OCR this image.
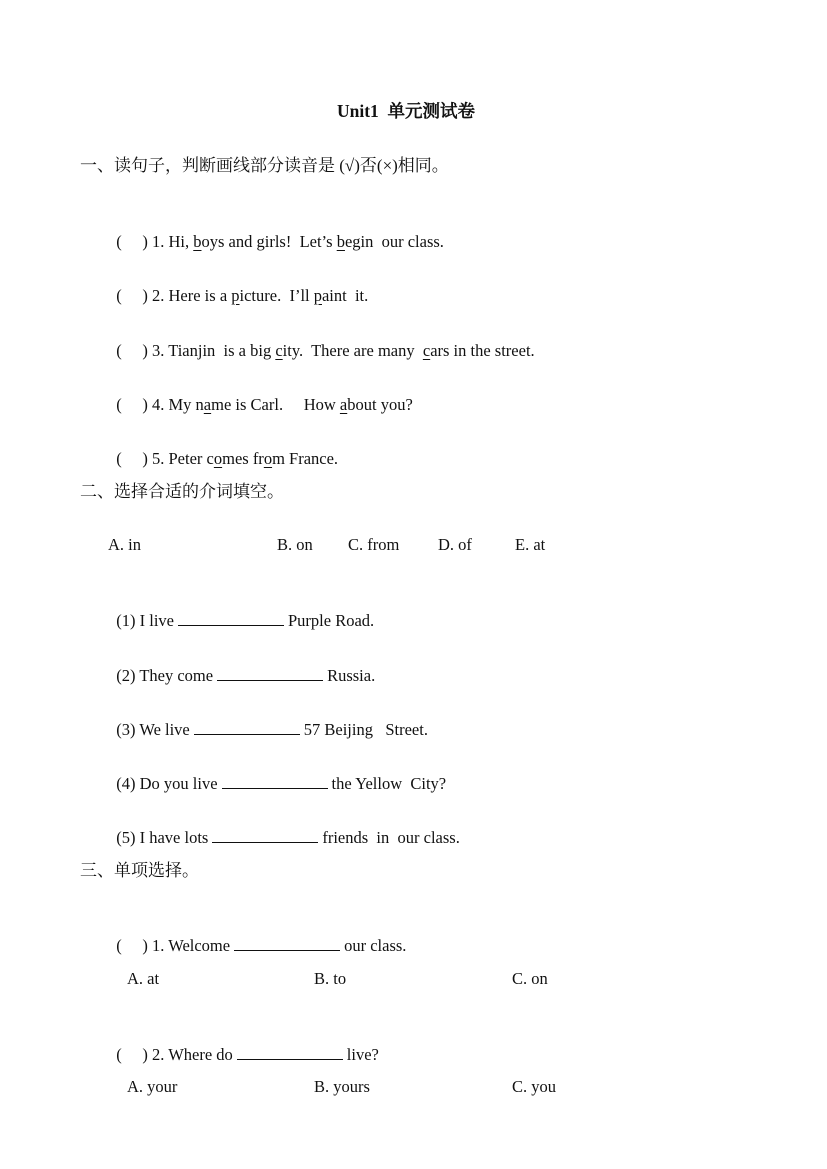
Unit1  单元测试卷
一、读句子，判断画线部分读音是 (√)否(×)相同。

(     ) 1. Hi, boys and girls!  Let’s begin  our class.

(     ) 2. Here is a picture.  I’ll paint  it.

(     ) 3. Tianjin  is a big city.  There are many  cars in the street.

(     ) 4. My name is Carl.     How about you?

(     ) 5. Peter comes from France.

二、选择合适的介词填空。
A. in	B. on C. from D. of	E. at

(1) I live	Purple Road.

(2) They come	Russia.

(3) We live	57 Beijing   Street.

(4) Do you live	the Yellow  City?

(5) I have lots	friends  in  our class.

三、单项选择。

(     ) 1. Welcome	our class.

A. at	B. to	C. on

(     ) 2. Where do	live?

A. your	B. yours	C. you
